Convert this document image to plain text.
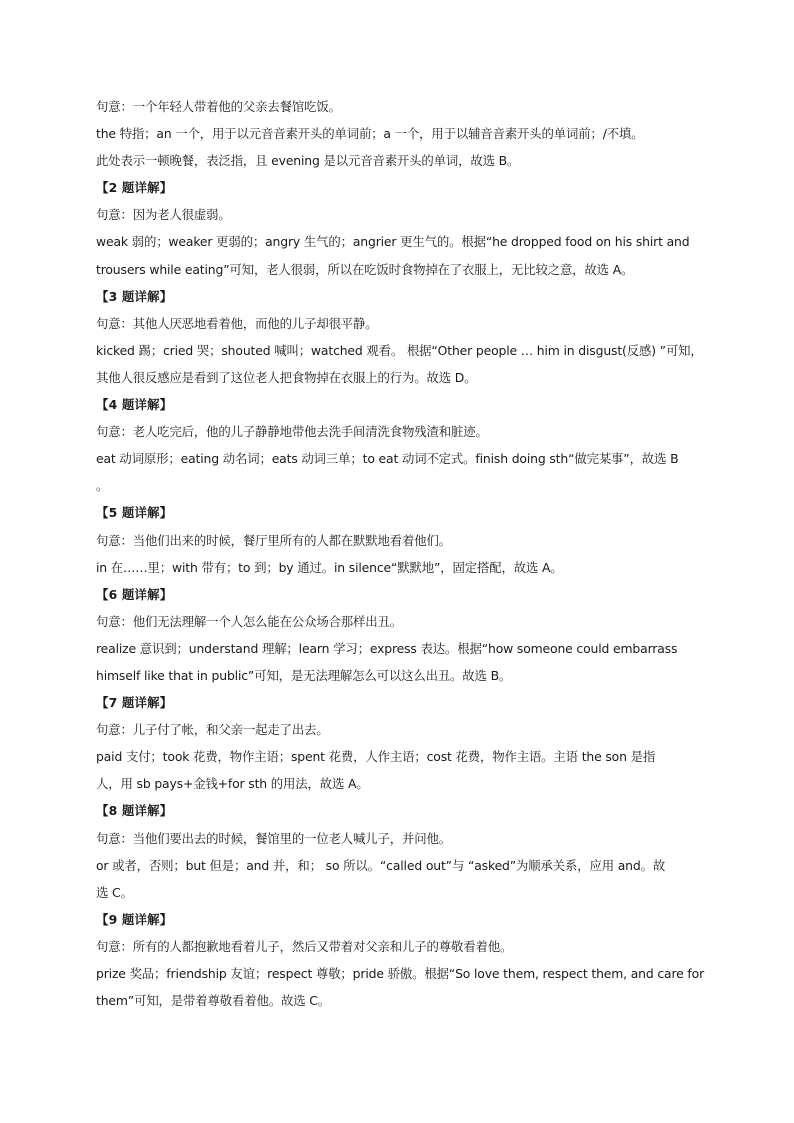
句意：一个年轻人带着他的父亲去餐馆吃饭。
the 特指；an 一个，用于以元音音素开头的单词前；a 一个，用于以辅音音素开头的单词前；/不填。
此处表示一顿晚餐，表泛指，且 evening 是以元音音素开头的单词，故选 B。
【2 题详解】
句意：因为老人很虚弱。
weak 弱的；weaker 更弱的；angry 生气的；angrier 更生气的。根据“he dropped food on his shirt and
trousers while eating”可知，老人很弱，所以在吃饭时食物掉在了衣服上，无比较之意，故选 A。
【3 题详解】
句意：其他人厌恶地看着他，而他的儿子却很平静。
kicked 踢；cried 哭；shouted 喊叫；watched 观看。 根据“Other people … him in disgust(反感) ”可知，
其他人很反感应是看到了这位老人把食物掉在衣服上的行为。故选 D。
【4 题详解】
句意：老人吃完后，他的儿子静静地带他去洗手间清洗食物残渣和脏迹。
eat 动词原形；eating 动名词；eats 动词三单；to eat 动词不定式。finish doing sth“做完某事”，故选 B
。
【5 题详解】
句意：当他们出来的时候，餐厅里所有的人都在默默地看着他们。
in 在……里；with 带有；to 到；by 通过。in silence“默默地”，固定搭配，故选 A。
【6 题详解】
句意：他们无法理解一个人怎么能在公众场合那样出丑。
realize 意识到；understand 理解；learn 学习；express 表达。根据“how someone could embarrass
himself like that in public”可知，是无法理解怎么可以这么出丑。故选 B。
【7 题详解】
句意：儿子付了帐，和父亲一起走了出去。
paid 支付；took 花费，物作主语；spent 花费，人作主语；cost 花费，物作主语。主语 the son 是指
人，用 sb pays+金钱+for sth 的用法，故选 A。
【8 题详解】
句意：当他们要出去的时候，餐馆里的一位老人喊儿子，并问他。
or 或者，否则；but 但是；and 并，和； so 所以。“called out”与 “asked”为顺承关系，应用 and。故
选 C。
【9 题详解】
句意：所有的人都抱歉地看着儿子，然后又带着对父亲和儿子的尊敬看着他。
prize 奖品；friendship 友谊；respect 尊敬；pride 骄傲。根据“So love them, respect them, and care for
them”可知，是带着尊敬看着他。故选 C。
